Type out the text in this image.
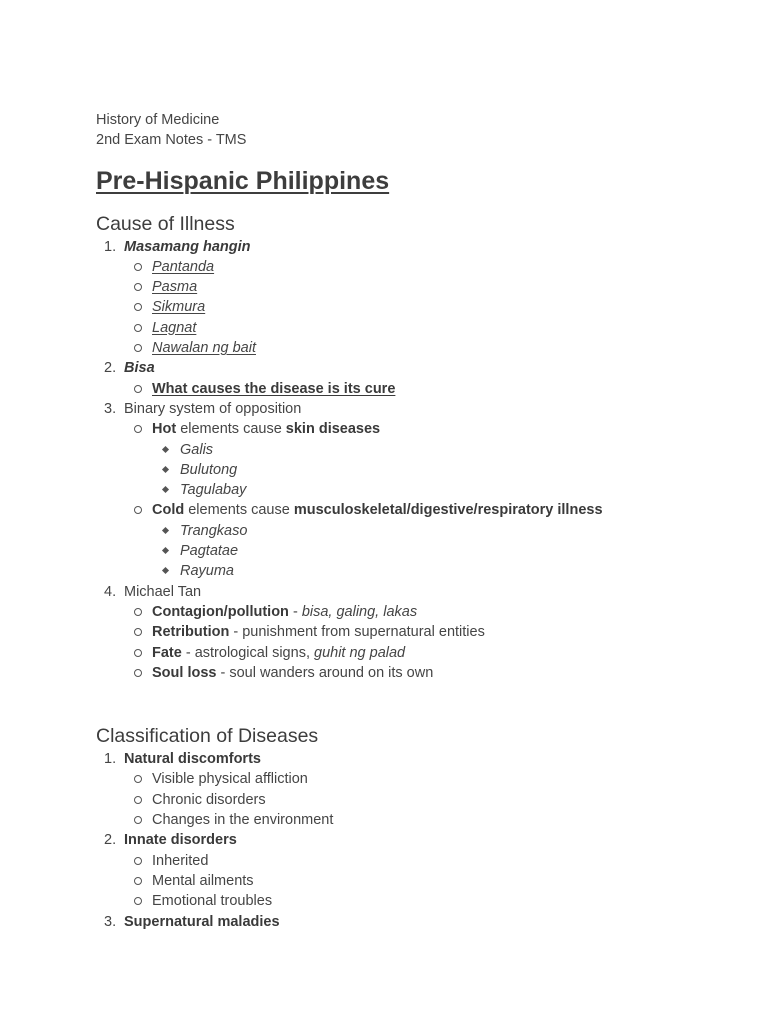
History of Medicine
2nd Exam Notes - TMS
Pre-Hispanic Philippines
Cause of Illness
1. Masamang hangin
Pantanda
Pasma
Sikmura
Lagnat
Nawalan ng bait
2. Bisa
What causes the disease is its cure
3. Binary system of opposition
Hot elements cause skin diseases
Galis
Bulutong
Tagulabay
Cold elements cause musculoskeletal/digestive/respiratory illness
Trangkaso
Pagtatae
Rayuma
4. Michael Tan
Contagion/pollution - bisa, galing, lakas
Retribution - punishment from supernatural entities
Fate - astrological signs, guhit ng palad
Soul loss - soul wanders around on its own
Classification of Diseases
1. Natural discomforts
Visible physical affliction
Chronic disorders
Changes in the environment
2. Innate disorders
Inherited
Mental ailments
Emotional troubles
3. Supernatural maladies
